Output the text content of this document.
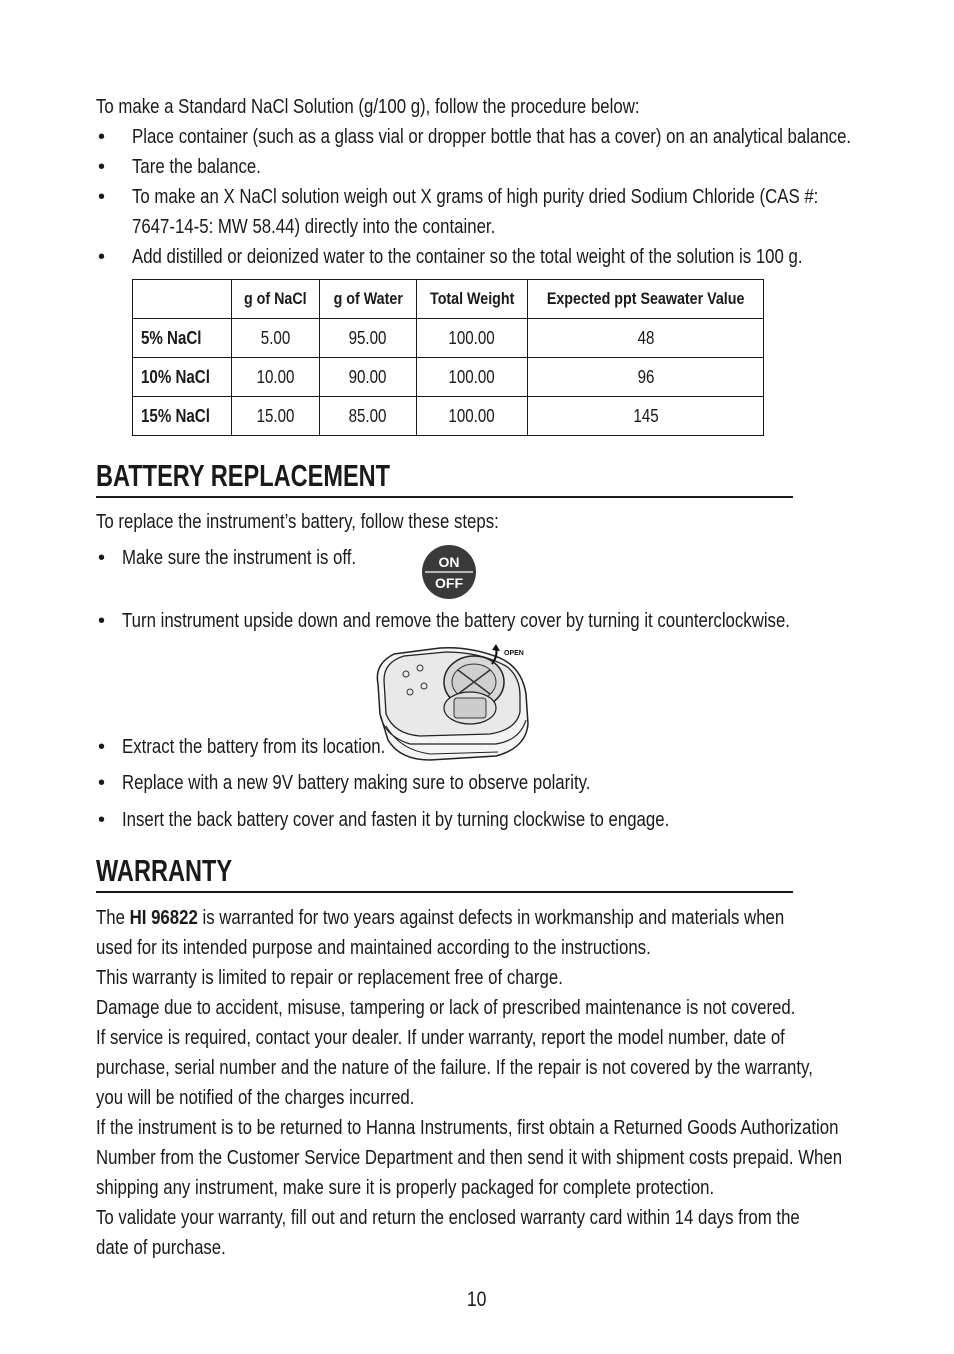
To make a Standard NaCl Solution (g/100 g), follow the procedure below:
• Place container (such as a glass vial or dropper bottle that has a cover) on an analytical balance.
• Tare the balance.
• To make an X NaCl solution weigh out X grams of high purity dried Sodium Chloride (CAS #:
7647-14-5: MW 58.44) directly into the container.
• Add distilled or deionized water to the container so the total weight of the solution is 100 g.
	g of NaCl	g of Water	Total Weight	Expected ppt Seawater Value
5% NaCl	5.00	95.00	100.00	48
10% NaCl	10.00	90.00	100.00	96
15% NaCl	15.00	85.00	100.00	145
BATTERY REPLACEMENT
To replace the instrument’s battery, follow these steps:
• Make sure the instrument is off.	ON
OFF
• Turn instrument upside down and remove the battery cover by turning it counterclockwise.
OPEN
• Extract the battery from its location.
• Replace with a new 9V battery making sure to observe polarity.
• Insert the back battery cover and fasten it by turning clockwise to engage.
WARRANTY
The HI 96822 is warranted for two years against defects in workmanship and materials when
used for its intended purpose and maintained according to the instructions.
This warranty is limited to repair or replacement free of charge.
Damage due to accident, misuse, tampering or lack of prescribed maintenance is not covered.
If service is required, contact your dealer. If under warranty, report the model number, date of
purchase, serial number and the nature of the failure. If the repair is not covered by the warranty,
you will be notified of the charges incurred.
If the instrument is to be returned to Hanna Instruments, first obtain a Returned Goods Authorization
Number from the Customer Service Department and then send it with shipment costs prepaid. When
shipping any instrument, make sure it is properly packaged for complete protection.
To validate your warranty, fill out and return the enclosed warranty card within 14 days from the
date of purchase.
10
